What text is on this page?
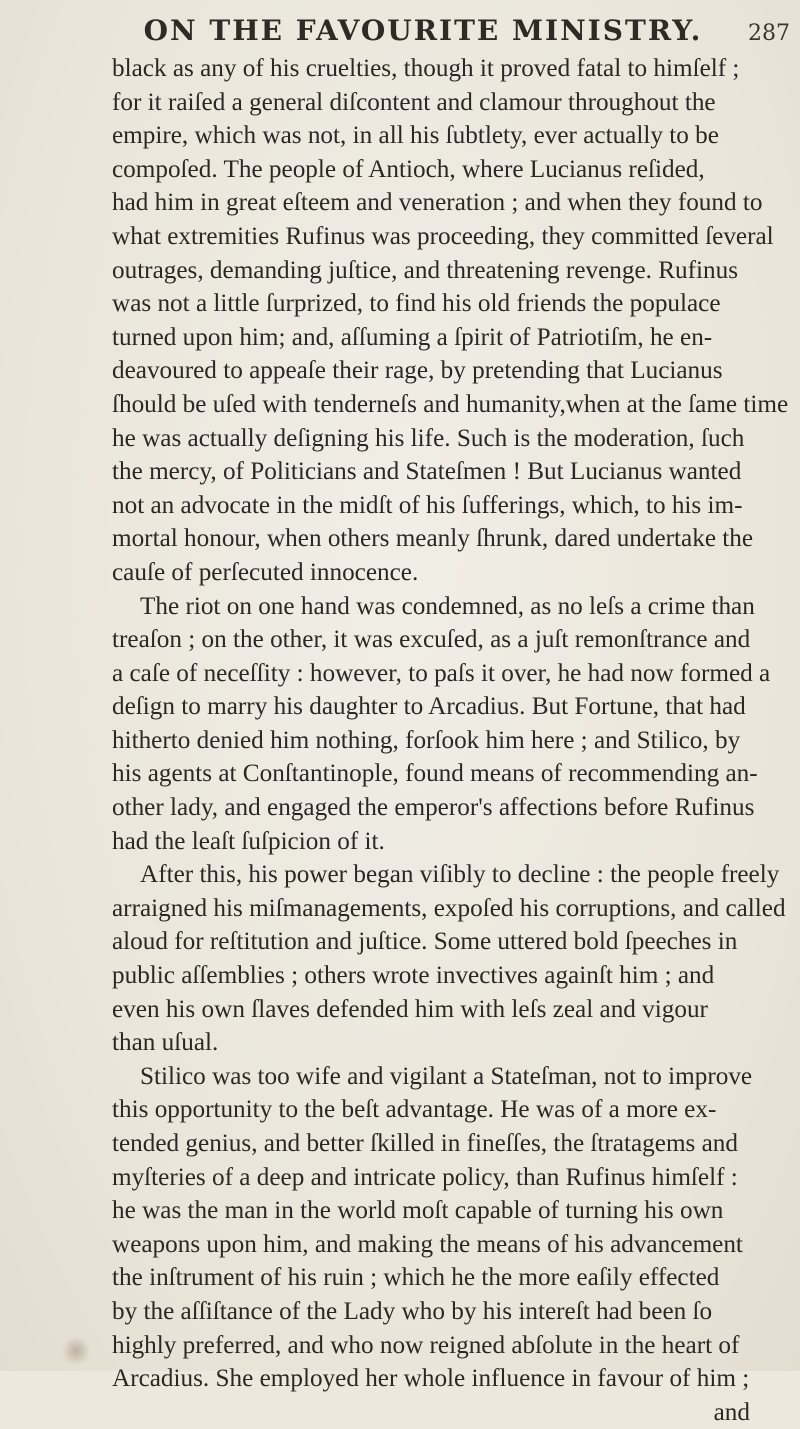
ON THE FAVOURITE MINISTRY.	287
black as any of his cruelties, though it proved fatal to himſelf ;
for it raiſed a general diſcontent and clamour throughout the
empire, which was not, in all his ſubtlety, ever actually to be
compoſed. The people of Antioch, where Lucianus reſided,
had him in great eſteem and veneration ; and when they found to
what extremities Rufinus was proceeding, they committed ſeveral
outrages, demanding juſtice, and threatening revenge. Rufinus
was not a little ſurprized, to find his old friends the populace
turned upon him; and, aſſuming a ſpirit of Patriotiſm, he en-
deavoured to appeaſe their rage, by pretending that Lucianus
ſhould be uſed with tenderneſs and humanity,when at the ſame time
he was actually deſigning his life. Such is the moderation, ſuch
the mercy, of Politicians and Stateſmen ! But Lucianus wanted
not an advocate in the midſt of his ſufferings, which, to his im-
mortal honour, when others meanly ſhrunk, dared undertake the
cauſe of perſecuted innocence.
The riot on one hand was condemned, as no leſs a crime than
treaſon ; on the other, it was excuſed, as a juſt remonſtrance and
a caſe of neceſſity : however, to paſs it over, he had now formed a
deſign to marry his daughter to Arcadius. But Fortune, that had
hitherto denied him nothing, forſook him here ; and Stilico, by
his agents at Conſtantinople, found means of recommending an-
other lady, and engaged the emperor's affections before Rufinus
had the leaſt ſuſpicion of it.
After this, his power began viſibly to decline : the people freely
arraigned his miſmanagements, expoſed his corruptions, and called
aloud for reſtitution and juſtice. Some uttered bold ſpeeches in
public aſſemblies ; others wrote invectives againſt him ; and
even his own ſlaves defended him with leſs zeal and vigour
than uſual.
Stilico was too wife and vigilant a Stateſman, not to improve
this opportunity to the beſt advantage. He was of a more ex-
tended genius, and better ſkilled in fineſſes, the ſtratagems and
myſteries of a deep and intricate policy, than Rufinus himſelf :
he was the man in the world moſt capable of turning his own
weapons upon him, and making the means of his advancement
the inſtrument of his ruin ; which he the more eaſily effected
by the aſſiſtance of the Lady who by his intereſt had been ſo
highly preferred, and who now reigned abſolute in the heart of
Arcadius. She employed her whole influence in favour of him ;
and
